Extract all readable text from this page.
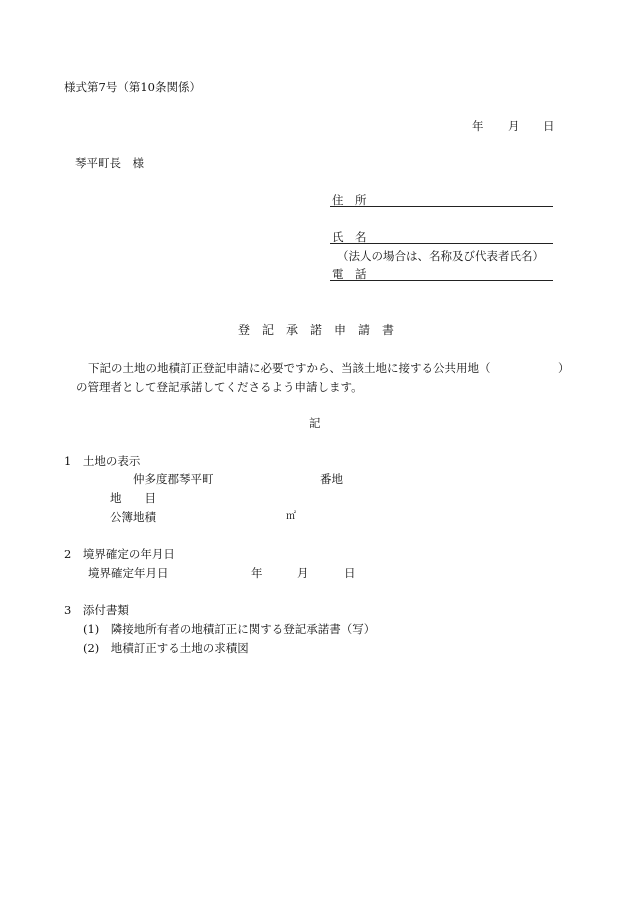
様式第7号（第10条関係）
年 月 日
琴平町長　様
住　所
氏　名
（法人の場合は、名称及び代表者氏名）
電　話
登記承諾申請書
下記の土地の地積訂正登記申請に必要ですから、当該土地に接する公共用地（	）
の管理者として登記承諾してくださるよう申請します。
記
1　土地の表示
仲多度郡琴平町	番地
地　　目
公簿地積	㎡
2　境界確定の年月日
境界確定年月日	年	月	日
3　添付書類
(1)　隣接地所有者の地積訂正に関する登記承諾書（写）
(2)　地積訂正する土地の求積図
